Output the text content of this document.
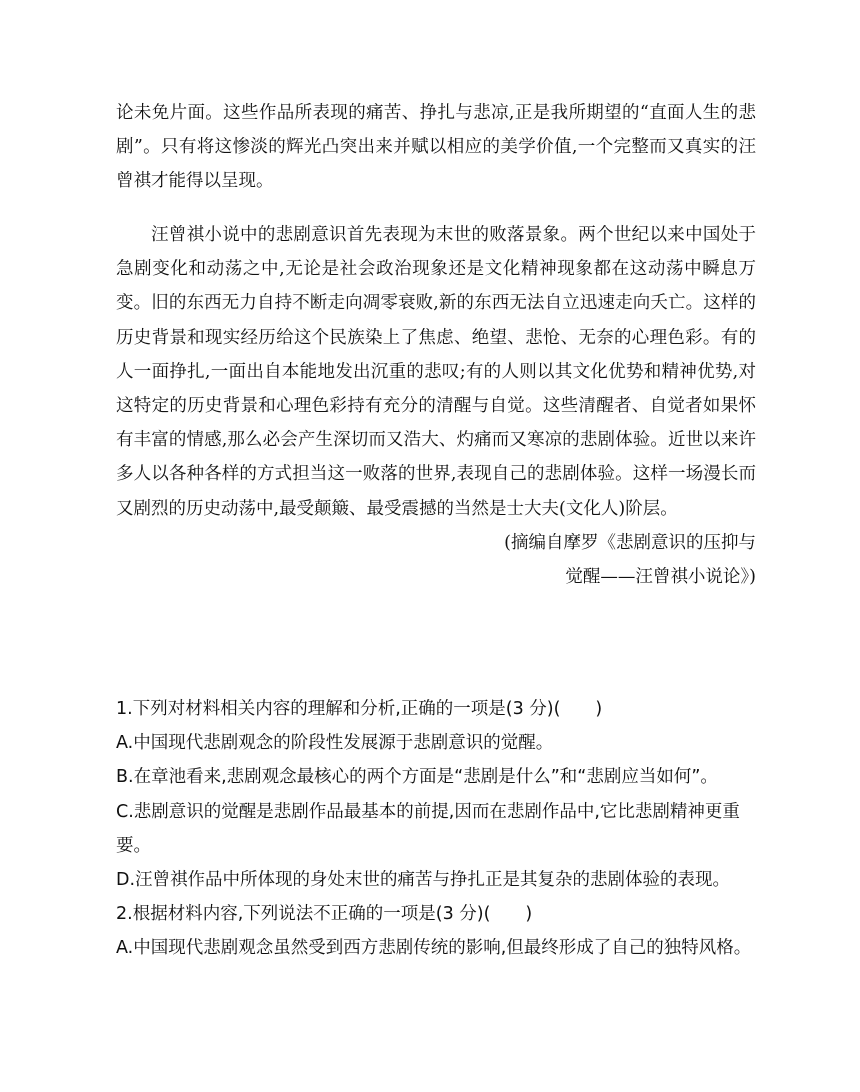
论未免片面。这些作品所表现的痛苦、挣扎与悲凉,正是我所期望的“直面人生的悲剧”。只有将这惨淡的辉光凸突出来并赋以相应的美学价值,一个完整而又真实的汪曾祺才能得以呈现。

汪曾祺小说中的悲剧意识首先表现为末世的败落景象。两个世纪以来中国处于急剧变化和动荡之中,无论是社会政治现象还是文化精神现象都在这动荡中瞬息万变。旧的东西无力自持不断走向凋零衰败,新的东西无法自立迅速走向夭亡。这样的历史背景和现实经历给这个民族染上了焦虑、绝望、悲怆、无奈的心理色彩。有的人一面挣扎,一面出自本能地发出沉重的悲叹;有的人则以其文化优势和精神优势,对这特定的历史背景和心理色彩持有充分的清醒与自觉。这些清醒者、自觉者如果怀有丰富的情感,那么必会产生深切而又浩大、灼痛而又寒凉的悲剧体验。近世以来许多人以各种各样的方式担当这一败落的世界,表现自己的悲剧体验。这样一场漫长而又剧烈的历史动荡中,最受颠簸、最受震撼的当然是士大夫(文化人)阶层。

(摘编自摩罗《悲剧意识的压抑与
觉醒——汪曾祺小说论》)
1.下列对材料相关内容的理解和分析,正确的一项是(3 分)(　　)
A.中国现代悲剧观念的阶段性发展源于悲剧意识的觉醒。
B.在章池看来,悲剧观念最核心的两个方面是“悲剧是什么”和“悲剧应当如何”。
C.悲剧意识的觉醒是悲剧作品最基本的前提,因而在悲剧作品中,它比悲剧精神更重要。
D.汪曾祺作品中所体现的身处末世的痛苦与挣扎正是其复杂的悲剧体验的表现。
2.根据材料内容,下列说法不正确的一项是(3 分)(　　)
A.中国现代悲剧观念虽然受到西方悲剧传统的影响,但最终形成了自己的独特风格。
